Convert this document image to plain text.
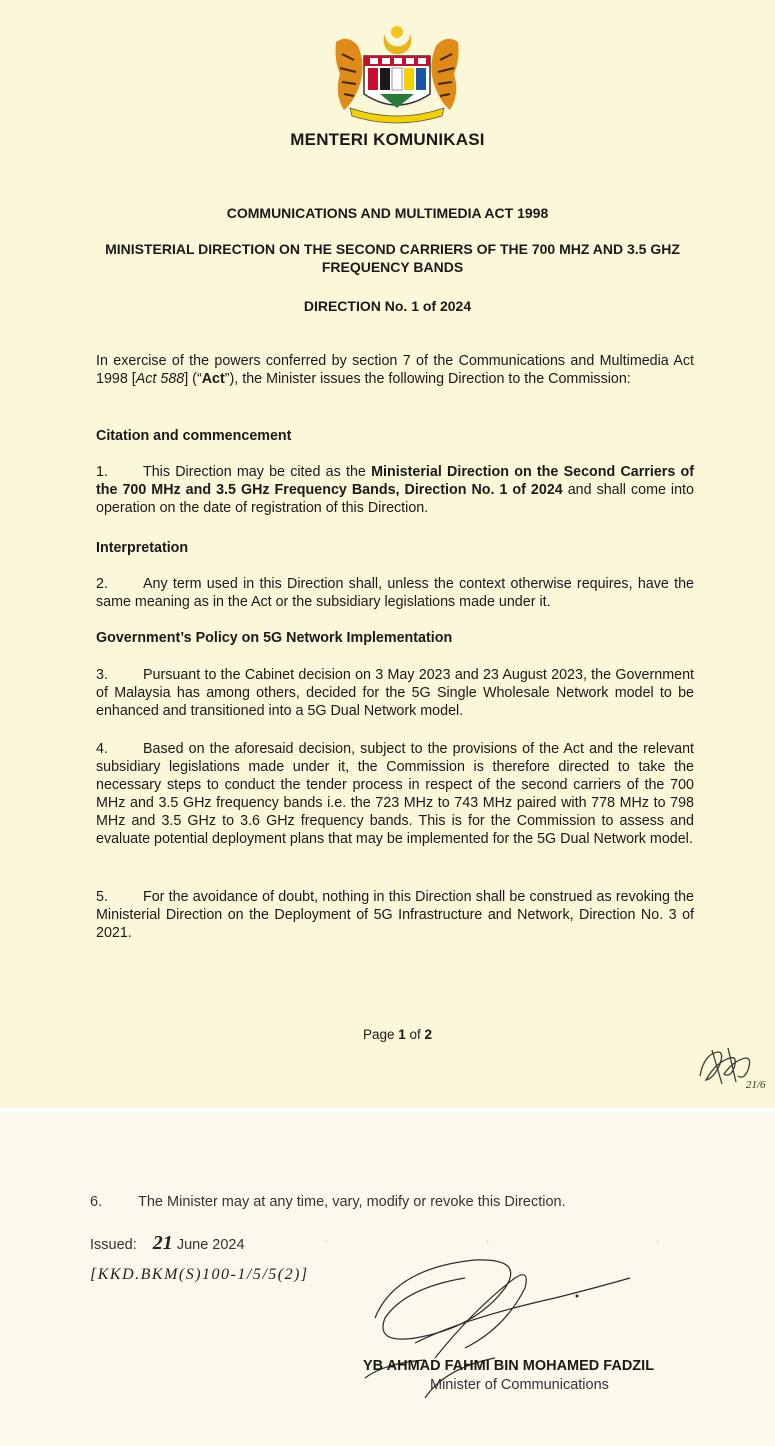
MENTERI KOMUNIKASI
COMMUNICATIONS AND MULTIMEDIA ACT 1998
MINISTERIAL DIRECTION ON THE SECOND CARRIERS OF THE 700 MHZ AND 3.5 GHZ FREQUENCY BANDS
DIRECTION No. 1 of 2024
In exercise of the powers conferred by section 7 of the Communications and Multimedia Act 1998 [Act 588] (“Act”), the Minister issues the following Direction to the Commission:
Citation and commencement
1. This Direction may be cited as the Ministerial Direction on the Second Carriers of the 700 MHz and 3.5 GHz Frequency Bands, Direction No. 1 of 2024 and shall come into operation on the date of registration of this Direction.
Interpretation
2. Any term used in this Direction shall, unless the context otherwise requires, have the same meaning as in the Act or the subsidiary legislations made under it.
Government’s Policy on 5G Network Implementation
3. Pursuant to the Cabinet decision on 3 May 2023 and 23 August 2023, the Government of Malaysia has among others, decided for the 5G Single Wholesale Network model to be enhanced and transitioned into a 5G Dual Network model.
4. Based on the aforesaid decision, subject to the provisions of the Act and the relevant subsidiary legislations made under it, the Commission is therefore directed to take the necessary steps to conduct the tender process in respect of the second carriers of the 700 MHz and 3.5 GHz frequency bands i.e. the 723 MHz to 743 MHz paired with 778 MHz to 798 MHz and 3.5 GHz to 3.6 GHz frequency bands. This is for the Commission to assess and evaluate potential deployment plans that may be implemented for the 5G Dual Network model.
5. For the avoidance of doubt, nothing in this Direction shall be construed as revoking the Ministerial Direction on the Deployment of 5G Infrastructure and Network, Direction No. 3 of 2021.
Page 1 of 2
21/6
6. The Minister may at any time, vary, modify or revoke this Direction.
Issued: 21 June 2024	·	·	·
[KKD.BKM(S)100-1/5/5(2)]
YB AHMAD FAHMI BIN MOHAMED FADZIL
Minister of Communications
